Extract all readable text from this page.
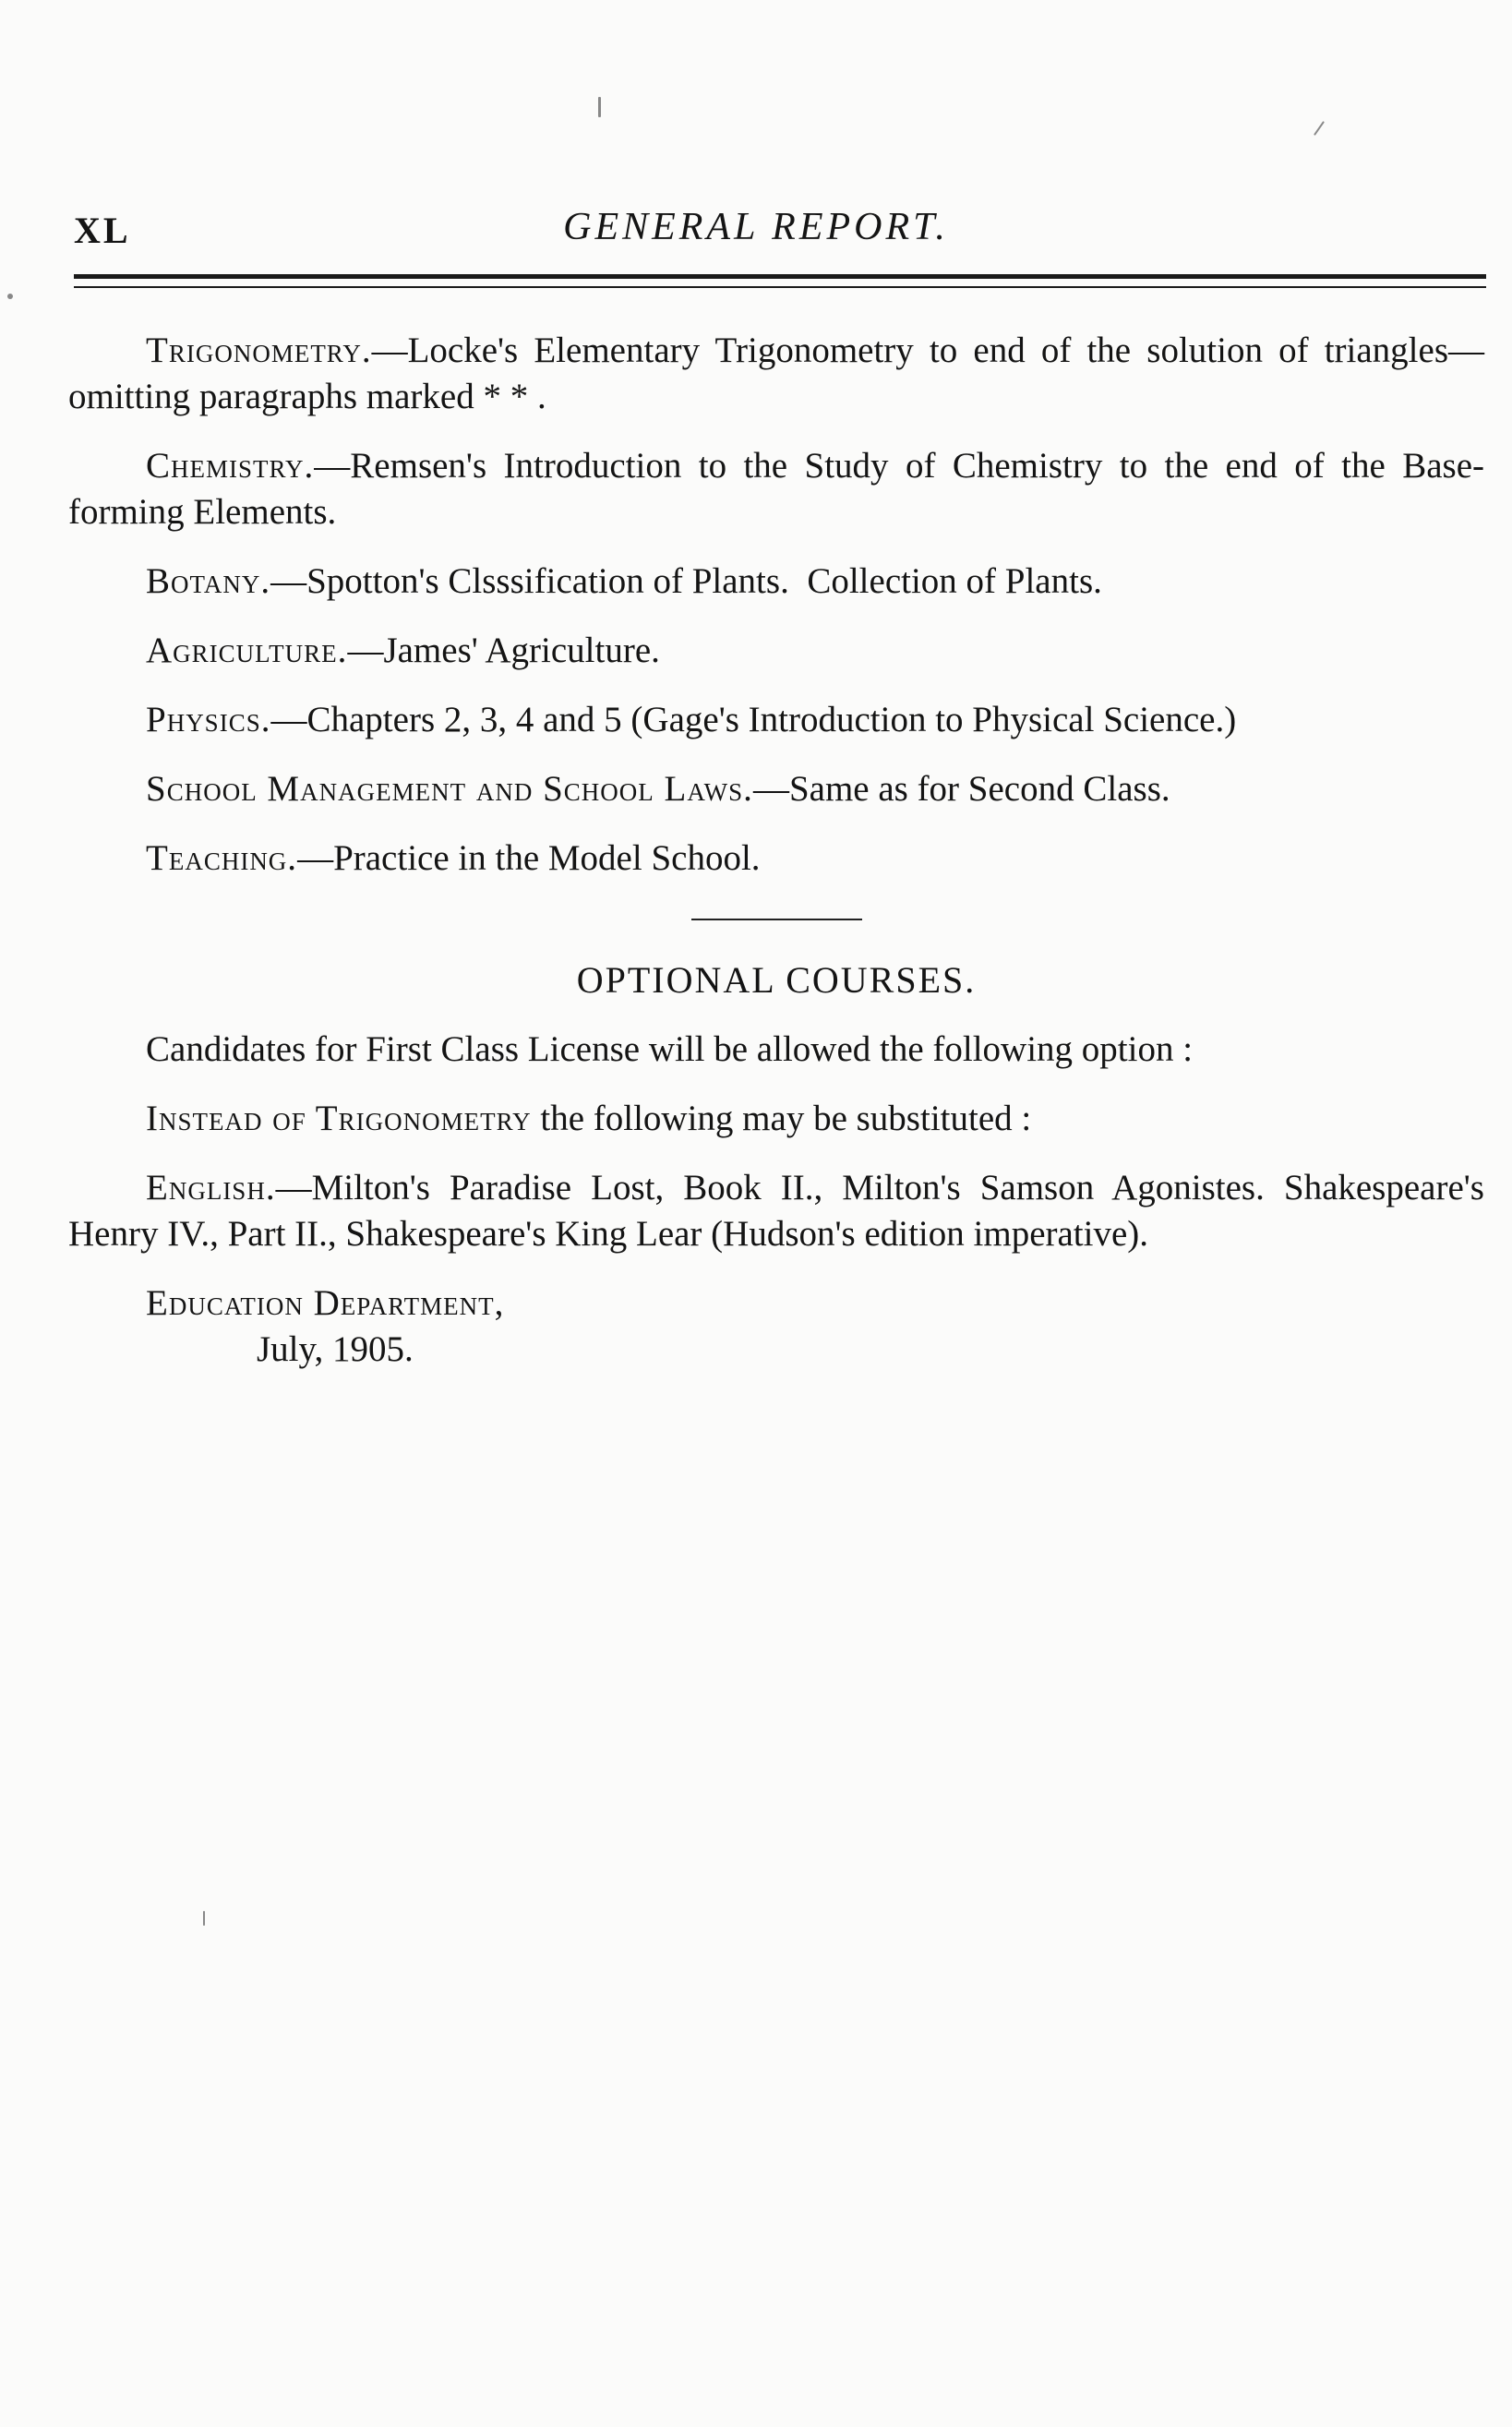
XL	GENERAL REPORT.

Trigonometry.—Locke's Elementary Trigonometry to end of the solution of triangles—omitting paragraphs marked * * .

Chemistry.—Remsen's Introduction to the Study of Chemistry to the end of the Base-forming Elements.

Botany.—Spotton's Clsssification of Plants.  Collection of Plants.

Agriculture.—James' Agriculture.

Physics.—Chapters 2, 3, 4 and 5 (Gage's Introduction to Physical Science.)

School Management and School Laws.—Same as for Second Class.

Teaching.—Practice in the Model School.

OPTIONAL COURSES.

Candidates for First Class License will be allowed the following option :

Instead of Trigonometry the following may be substituted :

English.—Milton's Paradise Lost, Book II., Milton's Samson Agonistes. Shakespeare's Henry IV., Part II., Shakespeare's King Lear (Hudson's edition imperative).

Education Department,
July, 1905.
